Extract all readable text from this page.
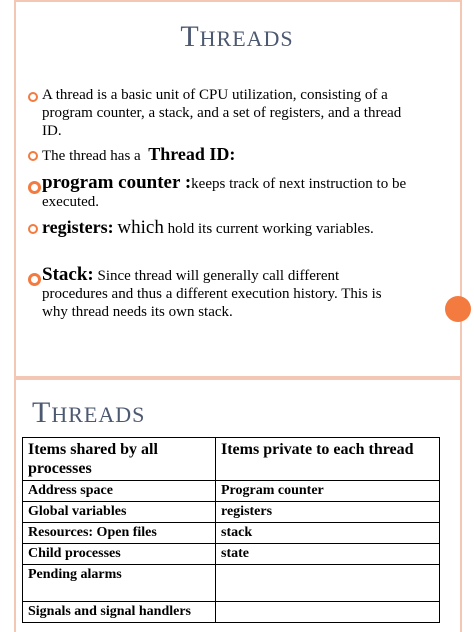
THREADS
A thread is a basic unit of CPU utilization, consisting of a program counter, a stack, and a set of registers, and a thread ID.
The thread has a Thread ID:
program counter :keeps track of next instruction to be executed.
registers: which hold its current working variables.
Stack: Since thread will generally call different procedures and thus a different execution history. This is why thread needs its own stack.
THREADS
Items shared by all processes	Items private to each thread
Address space	Program counter
Global variables	registers
Resources: Open files	stack
Child processes	state
Pending alarms	
Signals and signal handlers	
